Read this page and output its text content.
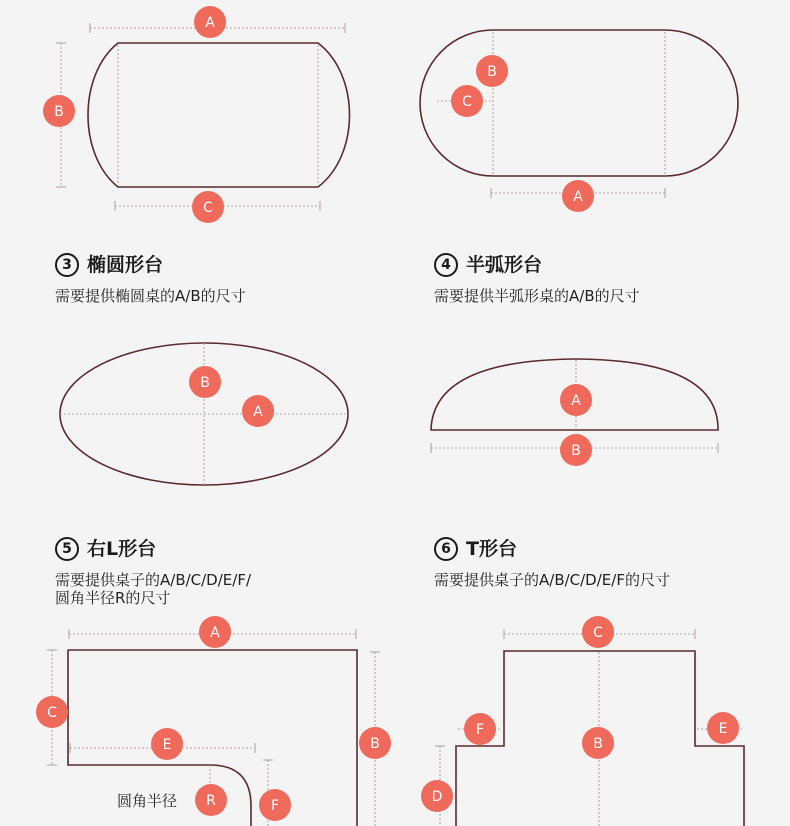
A
B
C
B
C
A
B
A
A
B
A
C
E	B
R	F
C
F	E
B
D
3 椭圆形台
需要提供椭圆桌的A/B的尺寸
4 半弧形台
需要提供半弧形桌的A/B的尺寸
5 右L形台
需要提供桌子的A/B/C/D/E/F/
圆角半径R的尺寸
6 T形台
需要提供桌子的A/B/C/D/E/F的尺寸
圆角半径
